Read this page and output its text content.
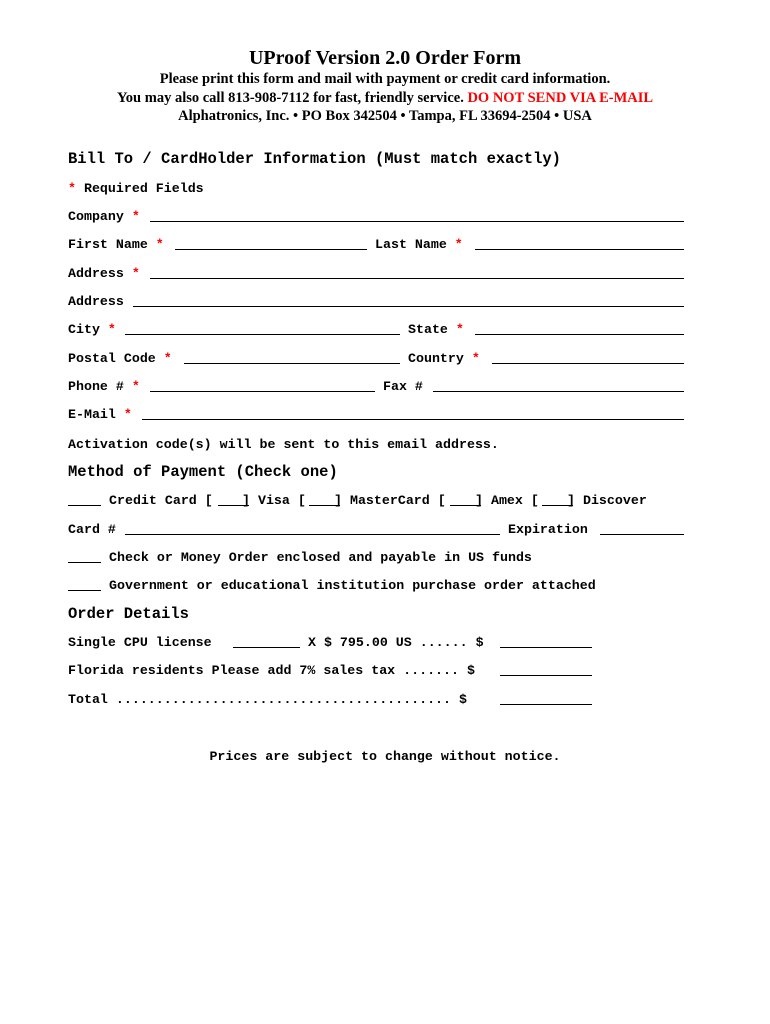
UProof Version 2.0 Order Form
Please print this form and mail with payment or credit card information.
You may also call 813-908-7112 for fast, friendly service. DO NOT SEND VIA E-MAIL
Alphatronics, Inc. • PO Box 342504 • Tampa, FL 33694-2504 • USA
Bill To / CardHolder Information (Must match exactly)
* Required Fields
Company *
First Name *	Last Name *
Address *
Address
City *	State *
Postal Code *	Country *
Phone # *	Fax #
E-Mail *
Activation code(s) will be sent to this email address.
Method of Payment (Check one)
Credit Card [ ] Visa [ ] MasterCard [ ] Amex [ ] Discover
Card #	Expiration
Check or Money Order enclosed and payable in US funds
Government or educational institution purchase order attached
Order Details
Single CPU license	X $ 795.00 US ...... $
Florida residents Please add 7% sales tax ....... $
Total .......................................... $
Prices are subject to change without notice.
